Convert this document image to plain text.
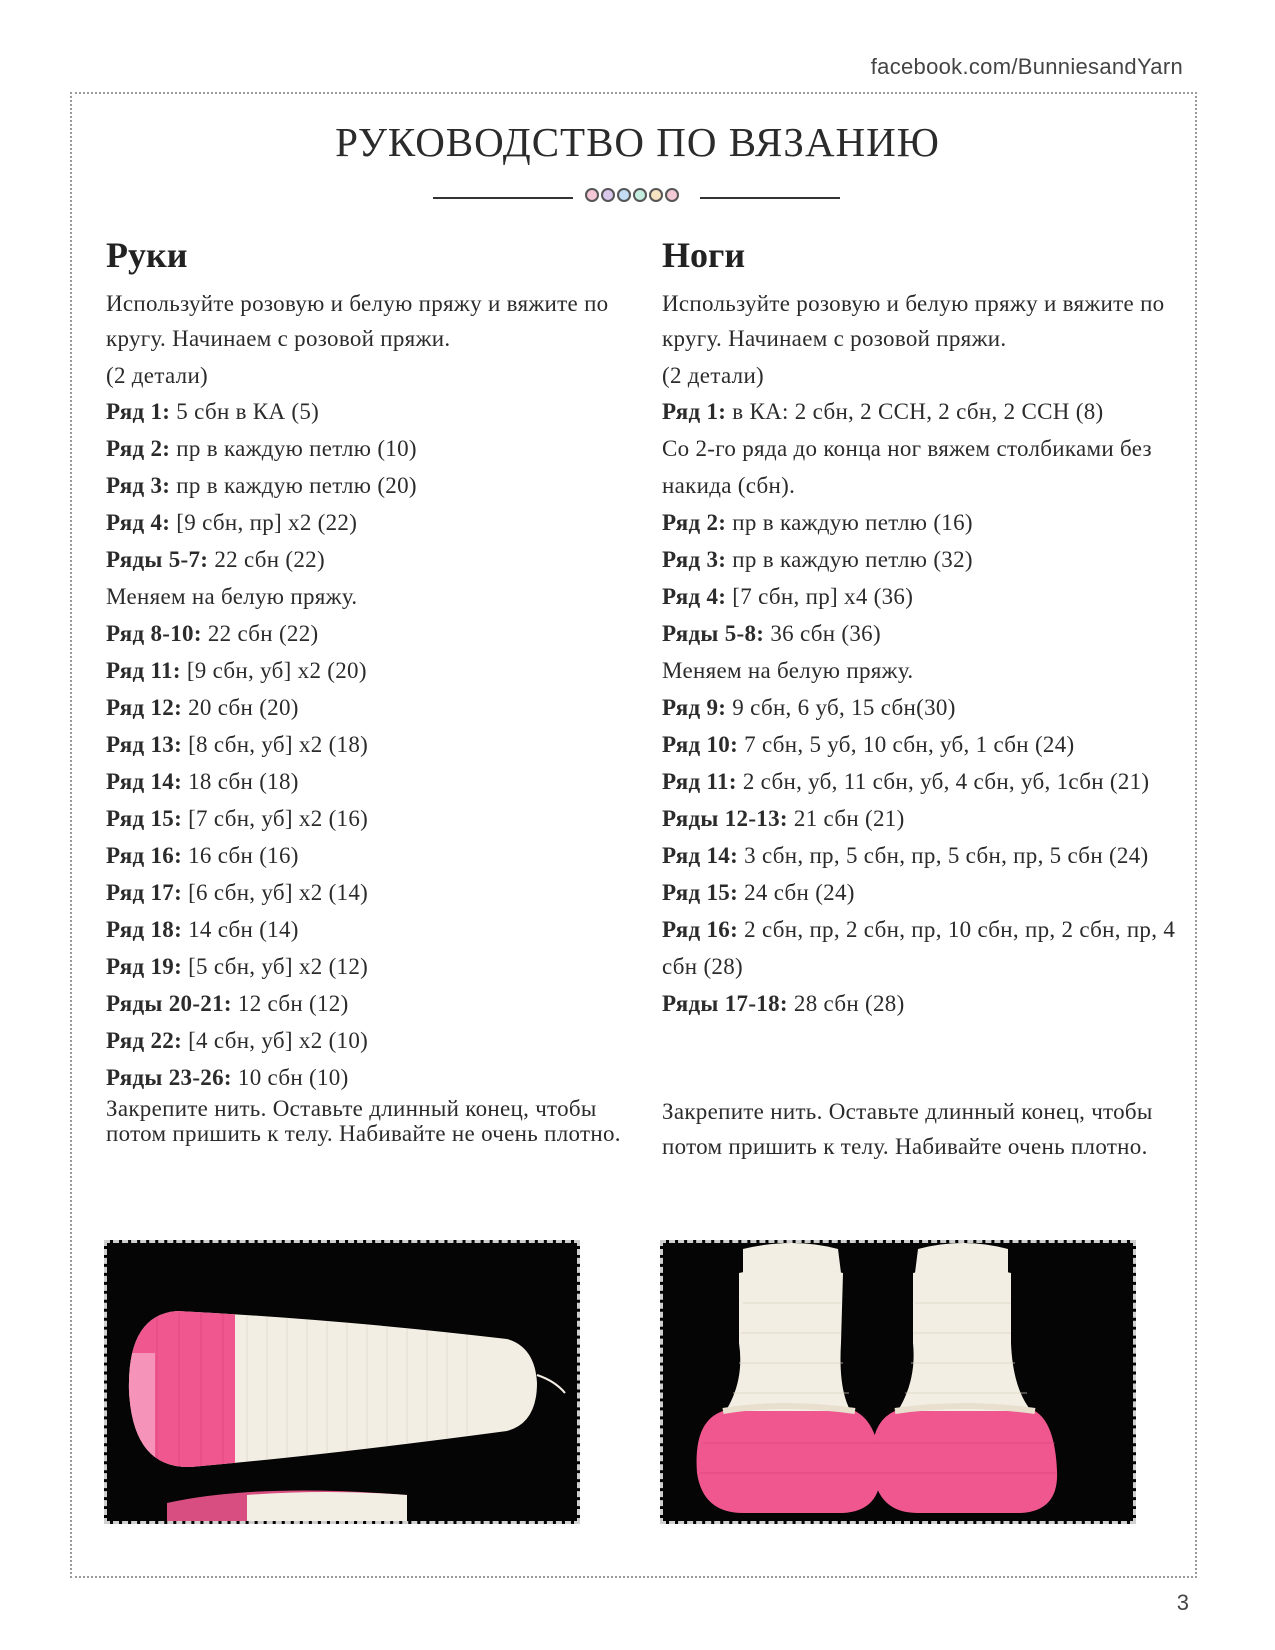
facebook.com/BunniesandYarn
РУКОВОДСТВО ПО ВЯЗАНИЮ
Руки

Используйте розовую и белую пряжу и вяжите по кругу. Начинаем с розовой пряжи.

(2 детали)

Ряд 1: 5 сбн в КА (5)

Ряд 2: пр в каждую петлю (10)

Ряд 3: пр в каждую петлю (20)

Ряд 4: [9 сбн, пр] х2 (22)

Ряды 5-7: 22 сбн (22)

Меняем на белую пряжу.

Ряд 8-10: 22 сбн (22)

Ряд 11: [9 сбн, уб] х2 (20)

Ряд 12: 20 сбн (20)

Ряд 13: [8 сбн, уб] х2 (18)

Ряд 14: 18 сбн (18)

Ряд 15: [7 сбн, уб] х2 (16)

Ряд 16: 16 сбн (16)

Ряд 17: [6 сбн, уб] х2 (14)

Ряд 18: 14 сбн (14)

Ряд 19: [5 сбн, уб] х2 (12)

Ряды 20-21: 12 сбн (12)

Ряд 22: [4 сбн, уб] х2 (10)

Ряды 23-26: 10 сбн (10)

Закрепите нить. Оставьте длинный конец, чтобы потом пришить к телу. Набивайте не очень плотно.

Ноги

Используйте розовую и белую пряжу и вяжите по кругу. Начинаем с розовой пряжи.

(2 детали)

Ряд 1: в КА: 2 сбн, 2 ССН, 2 сбн, 2 ССН (8)

Со 2-го ряда до конца ног вяжем столбиками без накида (сбн).

Ряд 2: пр в каждую петлю (16)

Ряд 3: пр в каждую петлю (32)

Ряд 4: [7 сбн, пр] х4 (36)

Ряды 5-8: 36 сбн (36)

Меняем на белую пряжу.

Ряд 9: 9 сбн, 6 уб, 15 сбн(30)

Ряд 10: 7 сбн, 5 уб, 10 сбн, уб, 1 сбн (24)

Ряд 11: 2 сбн, уб, 11 сбн, уб, 4 сбн, уб, 1сбн (21)

Ряды 12-13: 21 сбн (21)

Ряд 14: 3 сбн, пр, 5 сбн, пр, 5 сбн, пр, 5 сбн (24)

Ряд 15: 24 сбн (24)

Ряд 16: 2 сбн, пр, 2 сбн, пр, 10 сбн, пр, 2 сбн, пр, 4 сбн (28)

Ряды 17-18: 28 сбн (28)

Закрепите нить. Оставьте длинный конец, чтобы потом пришить к телу. Набивайте очень плотно.

3
